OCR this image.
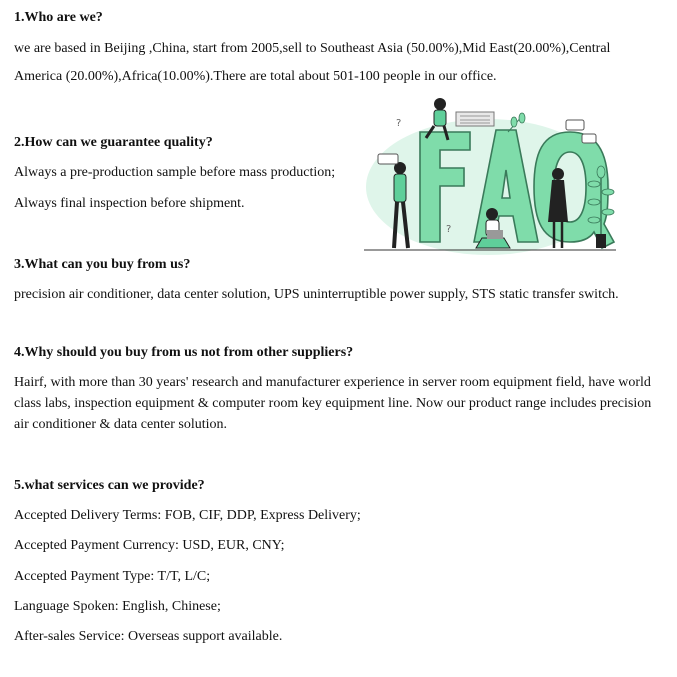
1.Who are we?
we are based in Beijing ,China, start from 2005,sell to Southeast Asia (50.00%),Mid East(20.00%),Central
America (20.00%),Africa(10.00%).There are total about 501-100 people in our office.
2.How can we guarantee quality?
Always a pre-production sample before mass production;
Always final inspection before shipment.
3.What can you buy from us?
precision air conditioner, data center solution, UPS uninterruptible power supply, STS static transfer switch.
4.Why should you buy from us not from other suppliers?
Hairf, with more than 30 years' research and manufacturer experience in server room equipment field, have world class labs, inspection equipment & computer room key equipment line. Now our product range includes precision air conditioner & data center solution.
5.what services can we provide?
Accepted Delivery Terms: FOB, CIF, DDP, Express Delivery;
Accepted Payment Currency: USD, EUR, CNY;
Accepted Payment Type: T/T, L/C;
Language Spoken: English, Chinese;
After-sales Service: Overseas support available.
?
?
